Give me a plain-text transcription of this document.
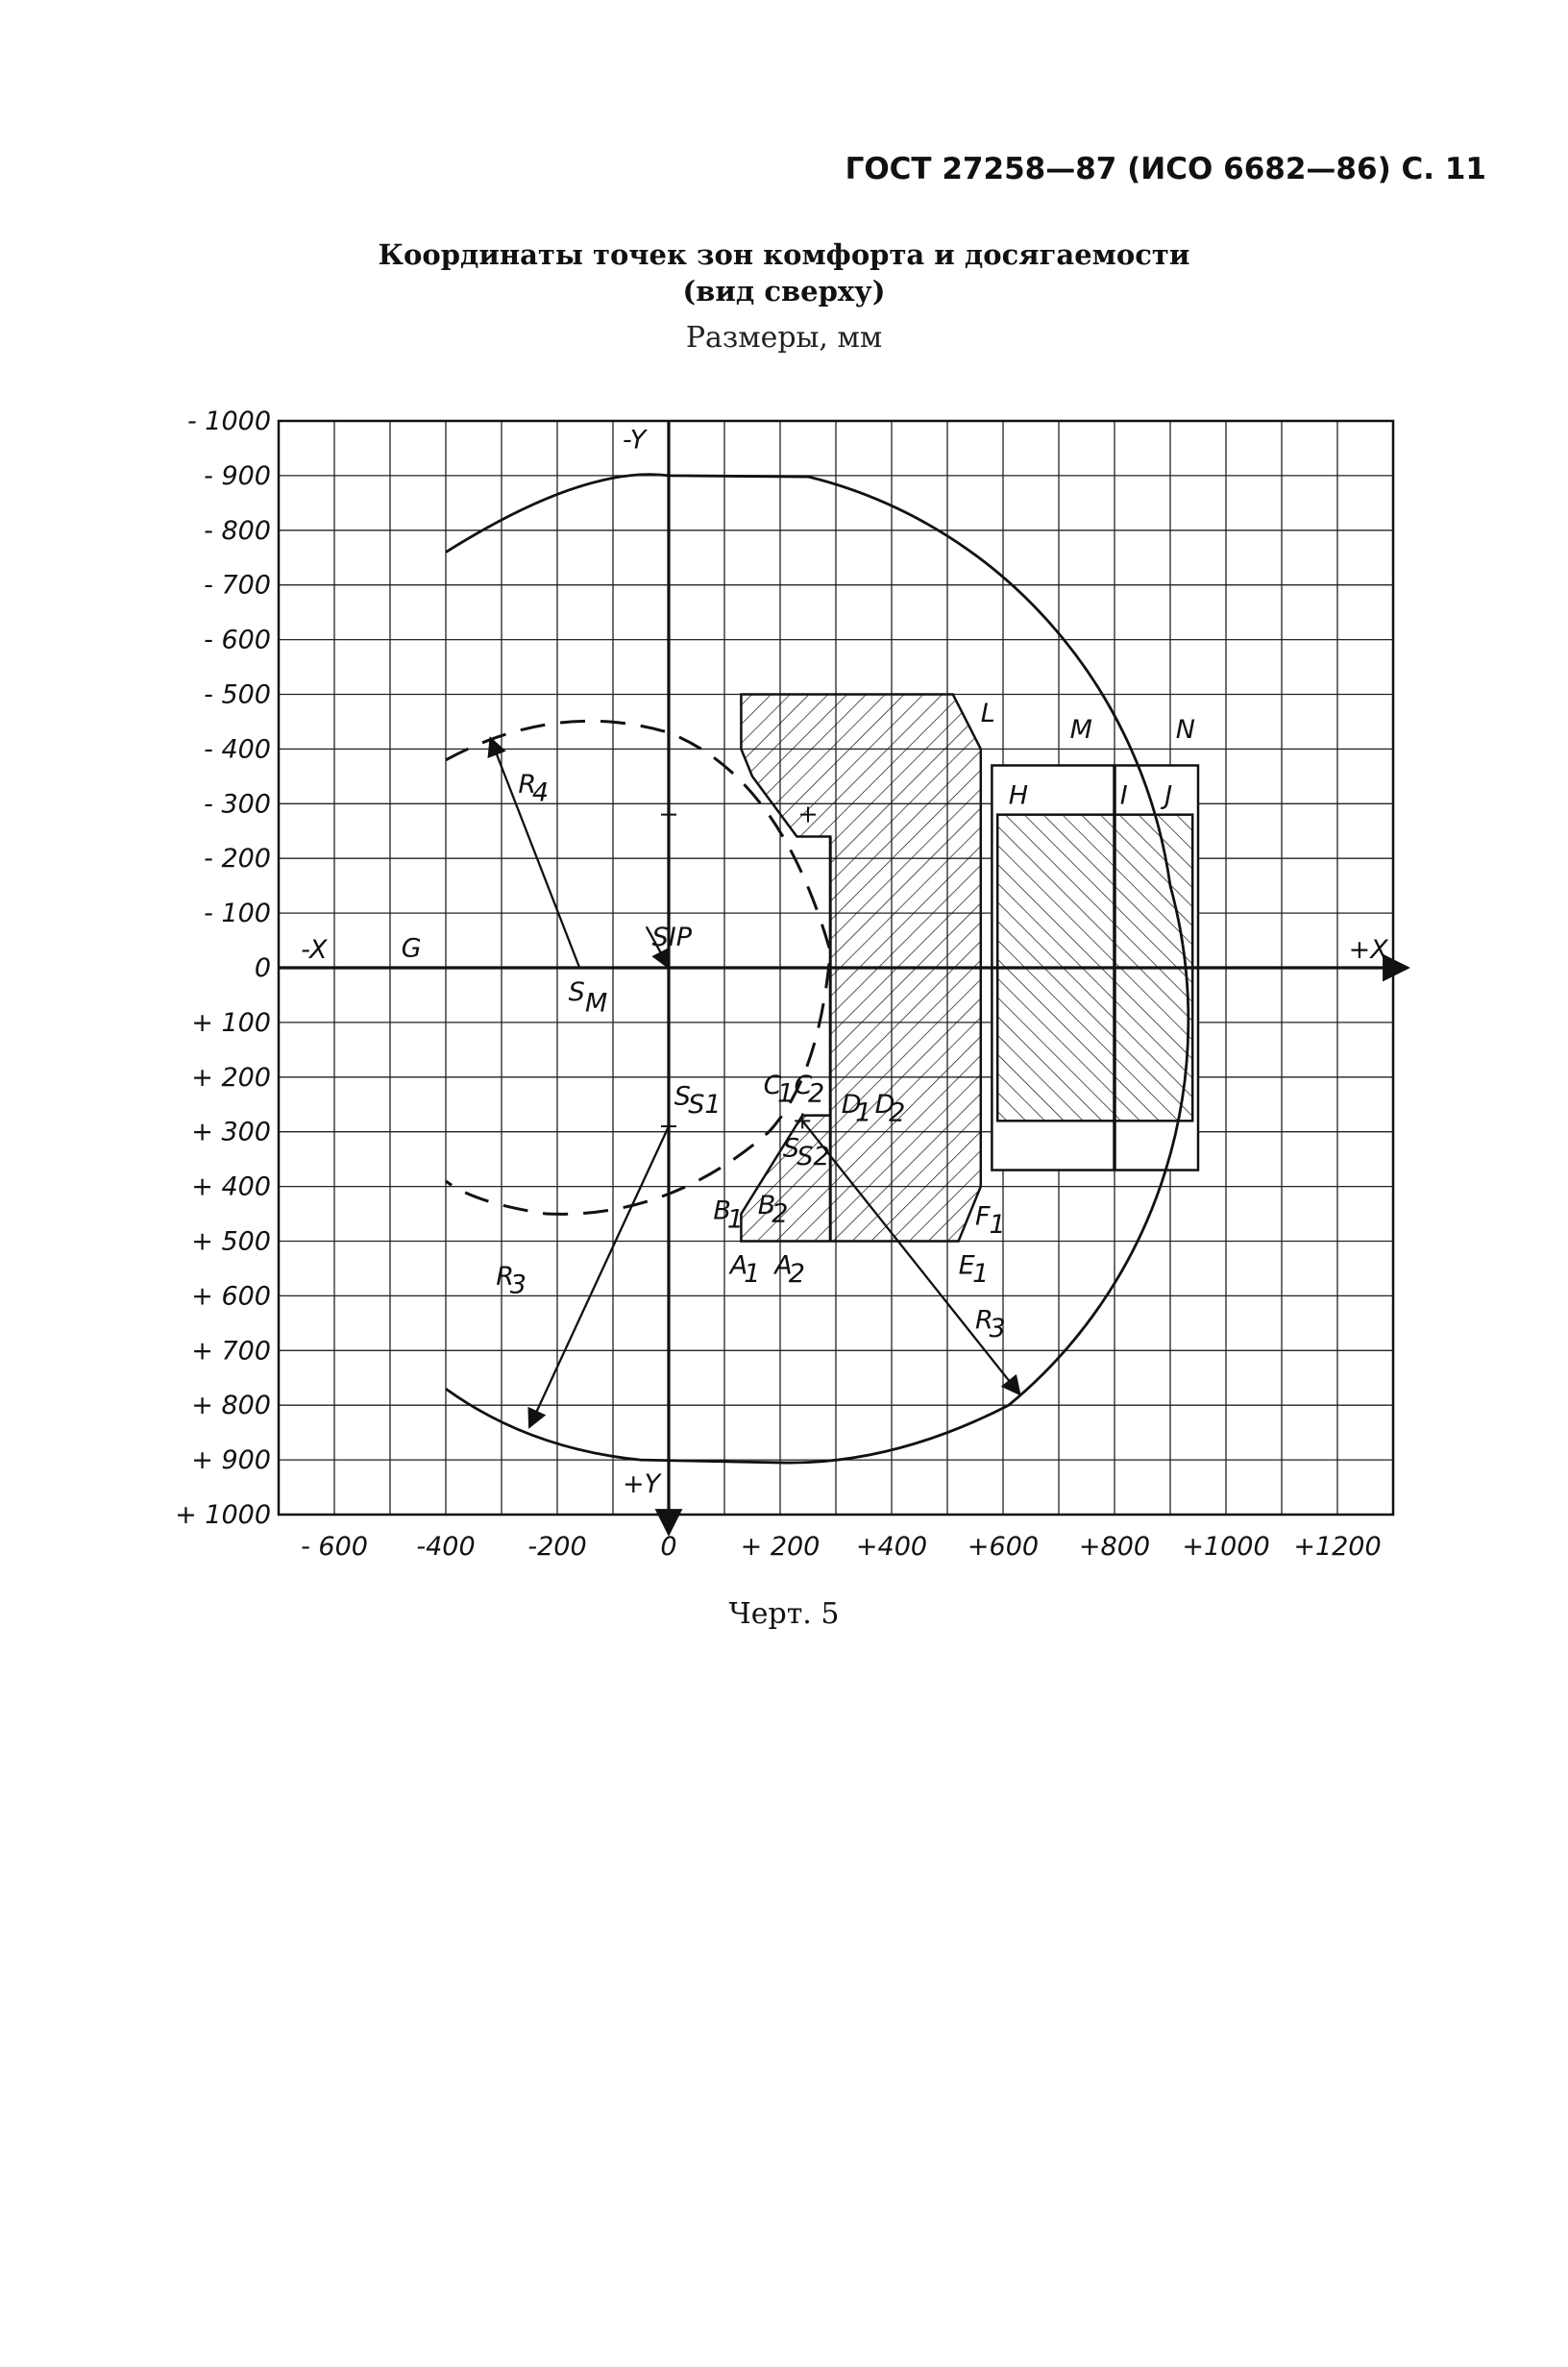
ГОСТ 27258—87 (ИСО 6682—86) С. 11
Координаты точек зон комфорта и досягаемости
(вид сверху)
Размеры, мм
SIP
S M
S
S1
S
S2
G
L
M	N
H	I J
A
1 A
2
B
1 B
2
C
1 C
2 D
1 D
2
E
1
F
1
R
3
R
3
R
4
-X	+X
-Y
+Y
- 1000
- 900
- 800
- 700
- 600
- 500
- 400
- 300
- 200
- 100
0
+ 100
+ 200
+ 300
+ 400
+ 500
+ 600
+ 700
+ 800
+ 900
+ 1000
- 600 -400 -200	0 + 200 +400 +600 +800 +1000 +1200
Черт. 5
